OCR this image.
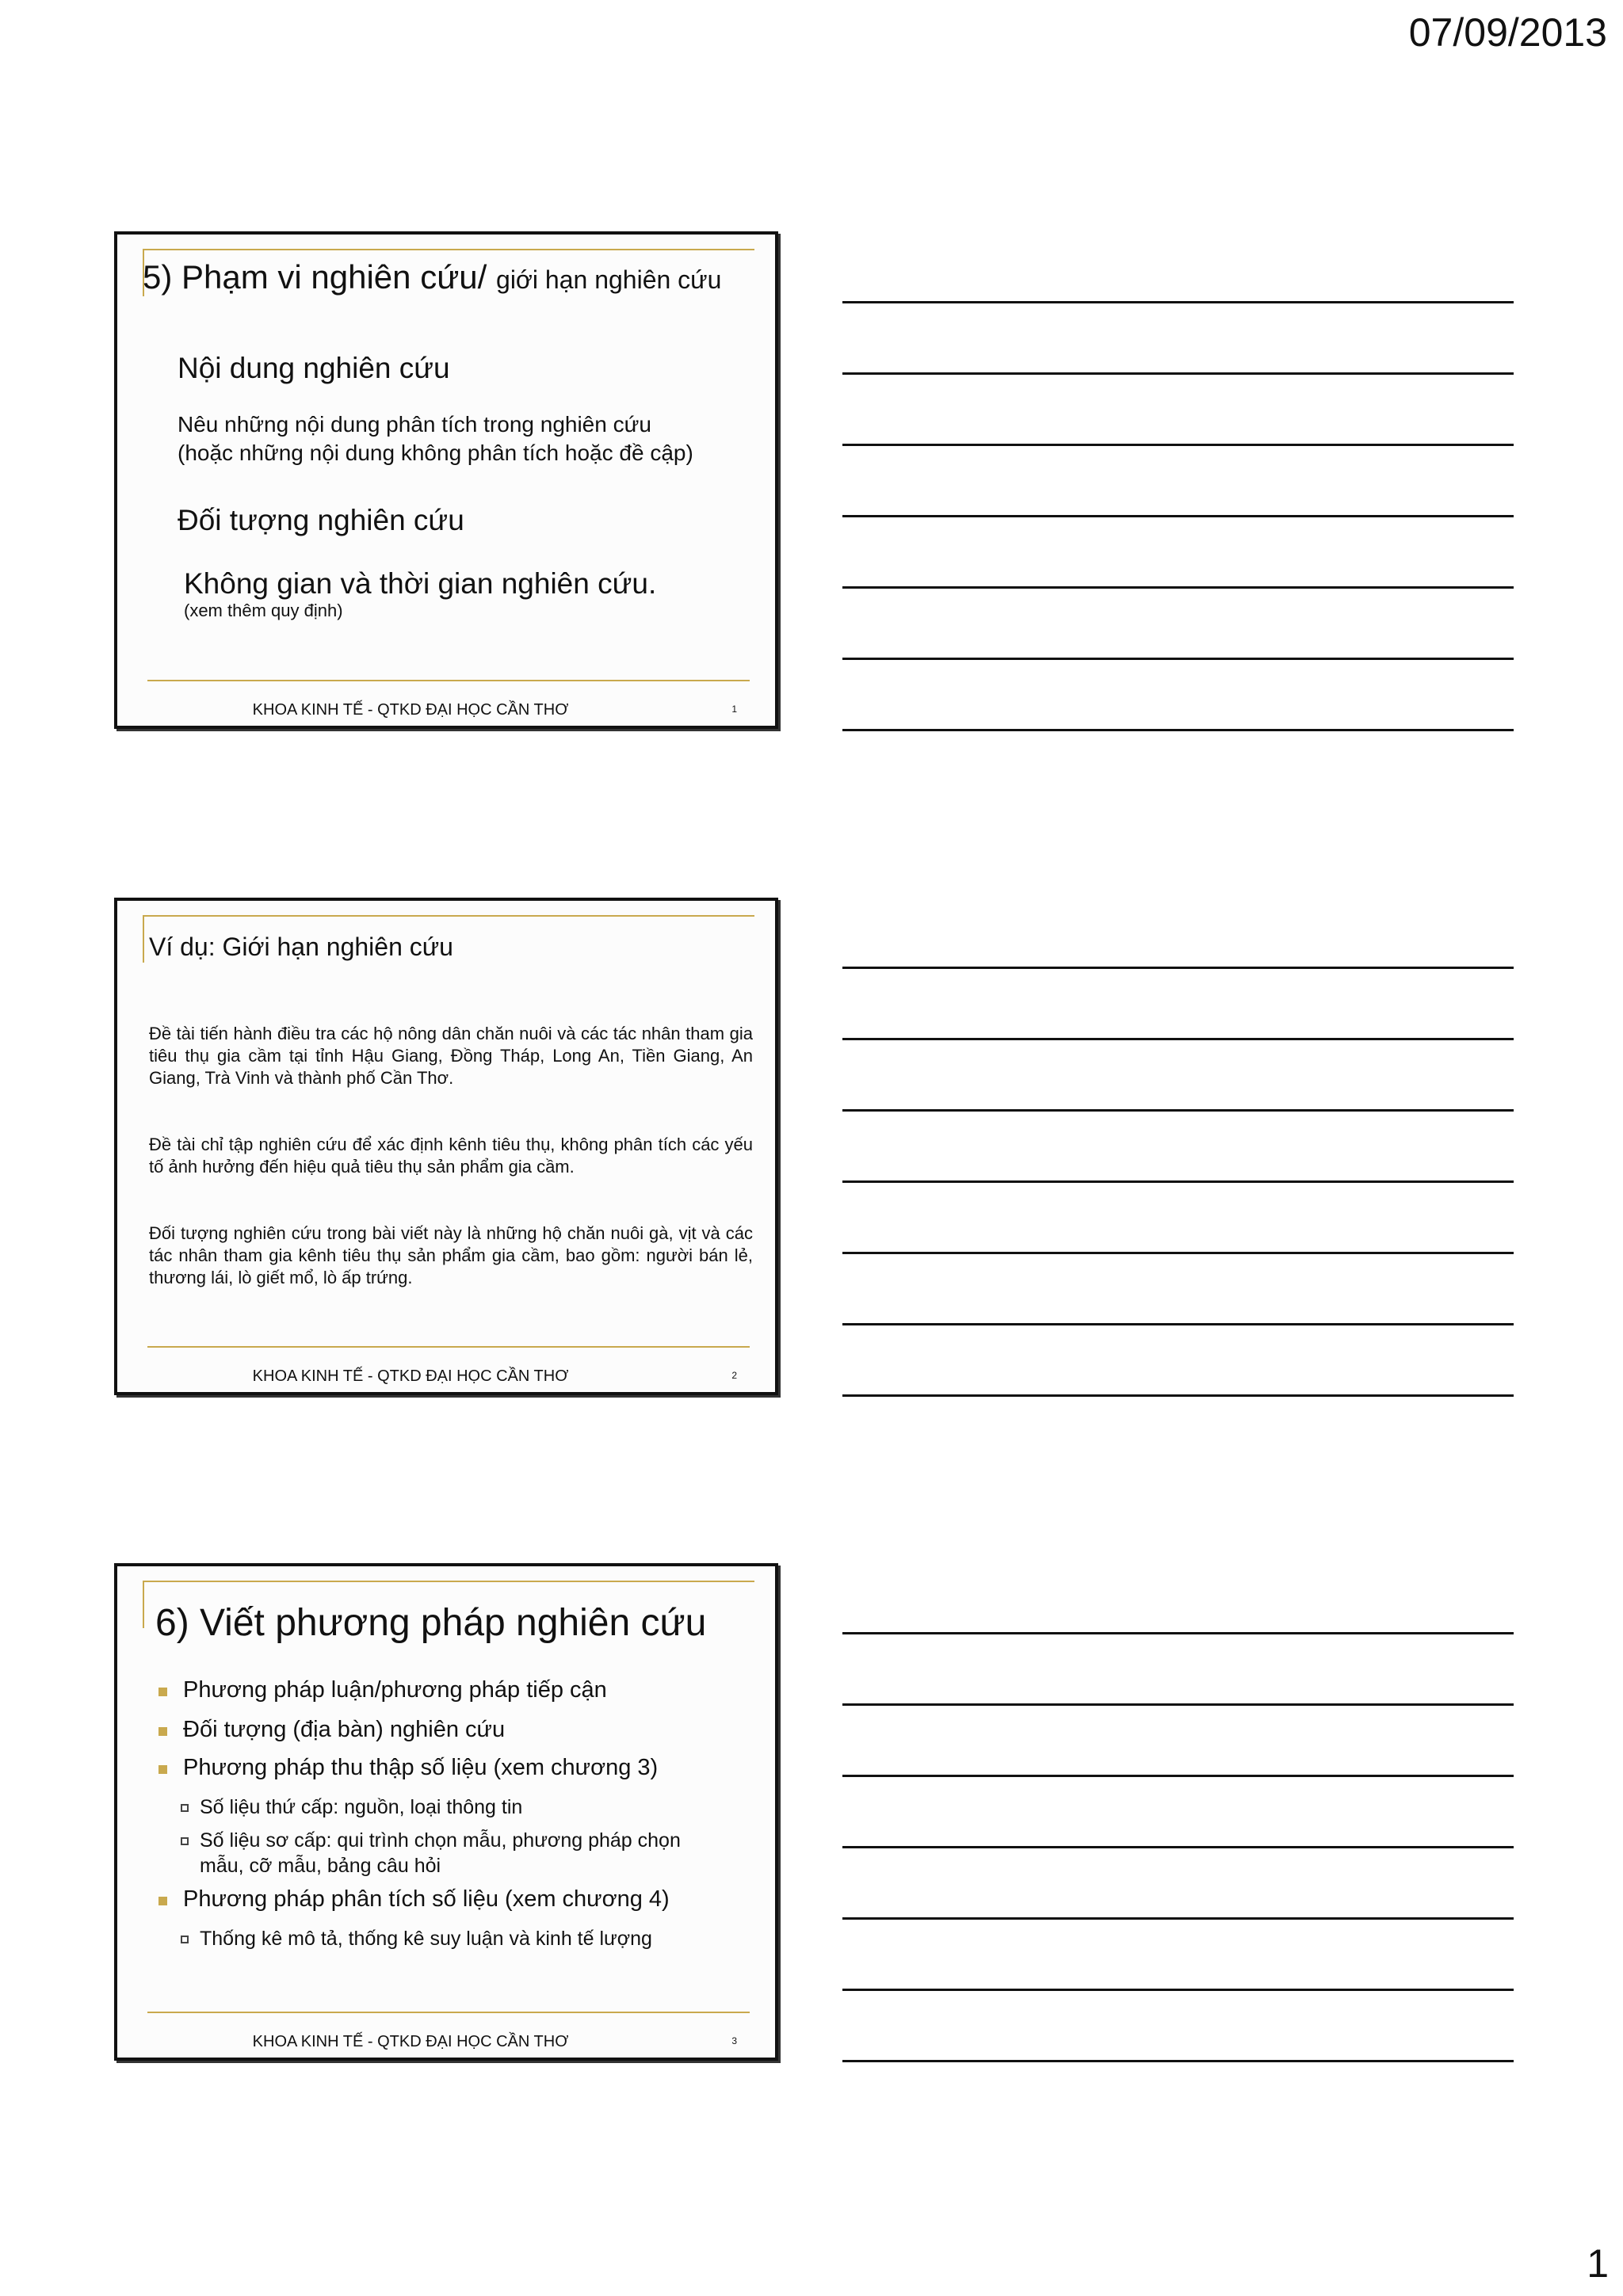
07/09/2013
5) Phạm vi nghiên cứu/ giới hạn nghiên cứu
Nội dung nghiên cứu
Nêu những nội dung phân tích trong nghiên cứu
(hoặc những nội dung không phân tích hoặc đề cập)
Đối tượng nghiên cứu
Không gian và thời gian nghiên cứu.
(xem thêm quy định)
KHOA KINH TẾ - QTKD ĐẠI HỌC CẦN THƠ	1
Ví dụ: Giới hạn nghiên cứu
Đề tài tiến hành điều tra các hộ nông dân chăn nuôi và các tác nhân tham gia tiêu thụ gia cầm tại tỉnh Hậu Giang, Đồng Tháp, Long An, Tiền Giang, An Giang, Trà Vinh và thành phố Cần Thơ.
Đề tài chỉ tập nghiên cứu để xác định kênh tiêu thụ, không phân tích các yếu tố ảnh hưởng đến hiệu quả tiêu thụ sản phẩm gia cầm.
Đối tượng nghiên cứu trong bài viết này là những hộ chăn nuôi gà, vịt và các tác nhân tham gia kênh tiêu thụ sản phẩm gia cầm, bao gồm: người bán lẻ, thương lái, lò giết mổ, lò ấp trứng.
KHOA KINH TẾ - QTKD ĐẠI HỌC CẦN THƠ	2
6) Viết phương pháp nghiên cứu
Phương pháp luận/phương pháp tiếp cận
Đối tượng (địa bàn) nghiên cứu
Phương pháp thu thập số liệu (xem chương 3)
Số liệu thứ cấp: nguồn, loại thông tin
Số liệu sơ cấp: qui trình chọn mẫu, phương pháp chọn mẫu, cỡ mẫu, bảng câu hỏi
Phương pháp phân tích số liệu (xem chương 4)
Thống kê mô tả, thống kê suy luận và kinh tế lượng
KHOA KINH TẾ - QTKD ĐẠI HỌC CẦN THƠ	3
1
